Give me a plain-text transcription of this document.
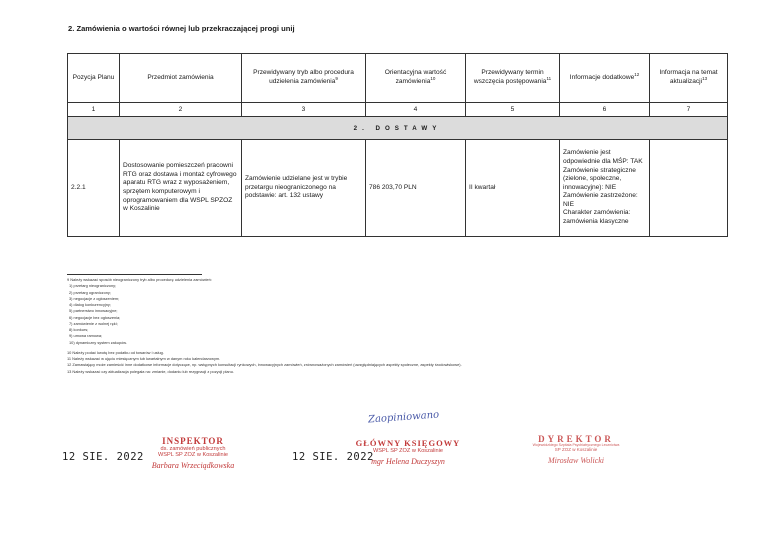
2. Zamówienia o wartości równej lub przekraczającej progi unij
Pozycja Planu	Przedmiot zamówienia	Przewidywany tryb albo procedura udzielenia zamówienia$^9$	Orientacyjna wartość zamówienia$^{10}$	Przewidywany termin wszczęcia postępowania$^{11}$	Informacje dodatkowe$^{12}$	Informacja na temat aktualizacji$^{13}$
1	2	3	4	5	6	7
2. DOSTAWY						
2.2.1	Dostosowanie pomieszczeń pracowni RTG oraz dostawa i montaż cyfrowego aparatu RTG wraz z wyposażeniem, sprzętem komputerowym i oprogramowaniem dla WSPL SPZOZ w Koszalinie	Zamówienie udzielane jest w trybie przetargu nieograniczonego na podstawie: art. 132 ustawy	786 203,70 PLN	II kwartał	Zamówienie jest odpowiednie dla MŚP: TAK
Zamówienie strategiczne (zielone, społeczne, innowacyjne): NIE
Zamówienie zastrzeżone: NIE
Charakter zamówienia: zamówienia klasyczne	

9 Należy wskazać sposób nieograniczony tryb albo procedurę udzielenia zamówień:

1) przetarg nieograniczony;

2) przetarg ograniczony;

3) negocjacje z ogłoszeniem;

4) dialog konkurencyjny;

5) partnerstwo innowacyjne;

6) negocjacje bez ogłoszenia;

7) zamówienie z wolnej ręki;

8) konkurs;

9) umowa ramowa;

10) dynamiczny system zakupów.

10 Należy podać kwotę bez podatku od towarów i usług.

11 Należy wskazać w ujęciu miesięcznym lub kwartalnym w danym roku kalendarzowym.

12 Zamawiający może zamieścić inne dodatkowe informacje dotyczące, np. wstępnych konsultacji rynkowych, innowacyjnych zamówień, zrównoważonych zamówień (uwzględniających aspekty społeczne, aspekty środowiskowe).

13 Należy wskazać czy aktualizacja polegała na: zmianie, dodaniu lub rezygnacji z pozycji planu.

12 SIE. 2022
INSPEKTOR
ds. zamówień publicznych
WSPL SP ZOZ w Koszalinie
Barbara Wrzeciądkowska
12 SIE. 2022
Zaopiniowano
GŁÓWNY KSIĘGOWY
WSPL SP ZOZ w Koszalinie
mgr Helena Duczyszyn
DYREKTOR
Wojewódzkiego Szpitala Psychiatrycznego Lecznictwa
SP ZOZ w Koszalinie
Mirosław Wolicki
